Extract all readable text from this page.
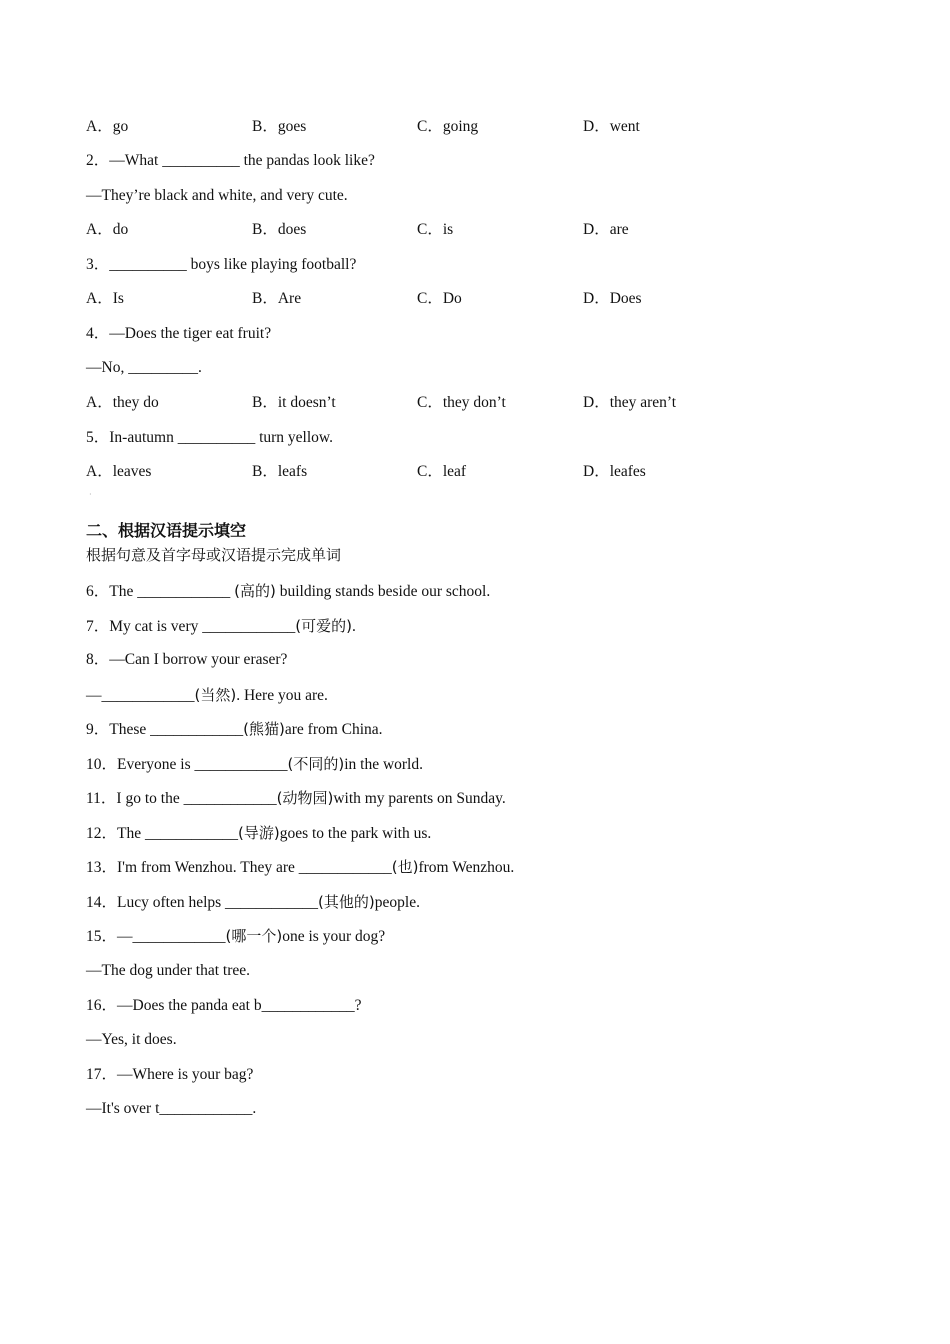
A．go	B．goes	C．going	D．went
2．—What __________ the pandas look like?
—They’re black and white, and very cute.
A．do	B．does	C．is	D．are
3．__________ boys like playing football?
A．Is	B．Are	C．Do	D．Does
4．—Does the tiger eat fruit?
—No, _________.
A．they do	B．it doesn’t	C．they don’t	D．they aren’t
5．In-autumn __________ turn yellow.
A．leaves	B．leafs	C．leaf	D．leafes
·
二、根据汉语提示填空
根据句意及首字母或汉语提示完成单词
6．The ____________ (高的) building stands beside our school.
7．My cat is very ____________(可爱的).
8．—Can I borrow your eraser?
—____________(当然). Here you are.
9．These ____________(熊猫)are from China.
10．Everyone is ____________(不同的)in the world.
11．I go to the ____________(动物园)with my parents on Sunday.
12．The ____________(导游)goes to the park with us.
13．I'm from Wenzhou. They are ____________(也)from Wenzhou.
14．Lucy often helps ____________(其他的)people.
15．—____________(哪一个)one is your dog?
—The dog under that tree.
16．—Does the panda eat b____________?
—Yes, it does.
17．—Where is your bag?
—It's over t____________.
